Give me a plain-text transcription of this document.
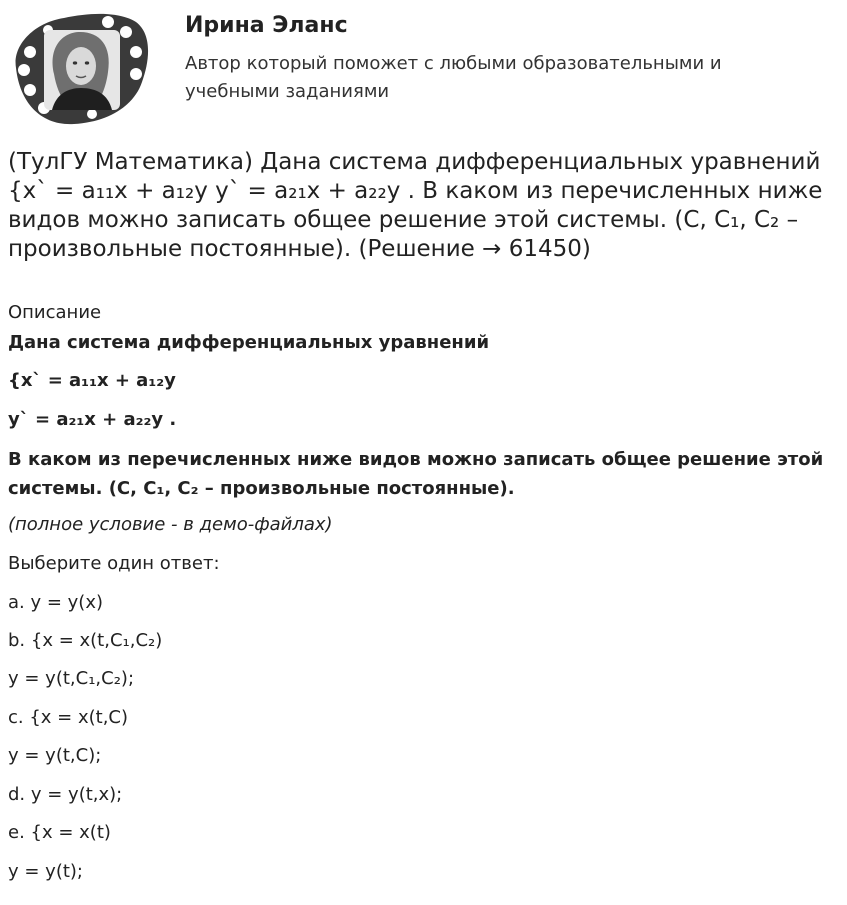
Ирина Эланс
Автор который поможет с любыми образовательными и учебными заданиями
(ТулГУ Математика) Дана система дифференциальных уравнений {x` = a₁₁x + a₁₂y y` = a₂₁x + a₂₂y . В каком из перечисленных ниже видов можно записать общее решение этой системы. (C, C₁, C₂ – произвольные постоянные). (Решение → 61450)
Описание
Дана система дифференциальных уравнений
{x` = a₁₁x + a₁₂y
y` = a₂₁x + a₂₂y .
В каком из перечисленных ниже видов можно записать общее решение этой системы. (C, C₁, C₂ – произвольные постоянные).
(полное условие - в демо-файлах)
Выберите один ответ:
a. y = y(x)
b. {x = x(t,C₁,C₂)
y = y(t,C₁,C₂);
c. {x = x(t,C)
y = y(t,C);
d. y = y(t,x);
e. {x = x(t)
y = y(t);
